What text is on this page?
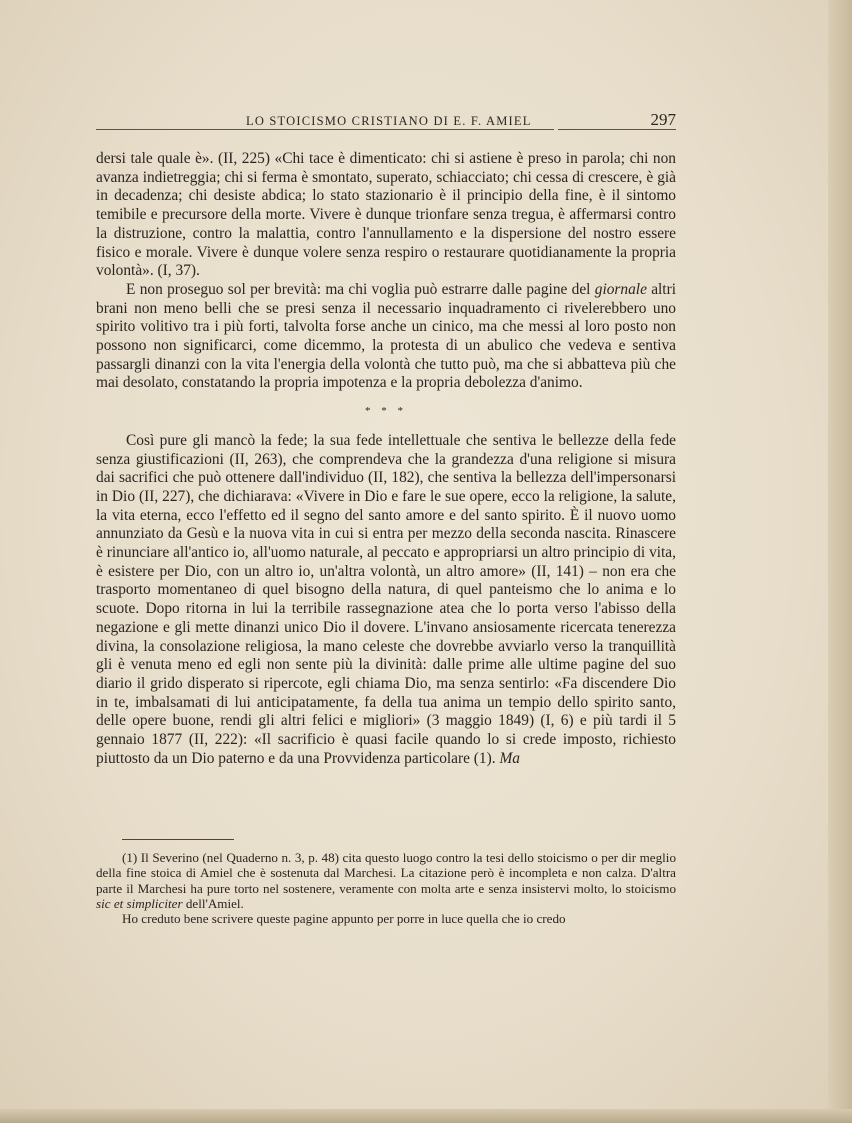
LO STOICISMO CRISTIANO DI E. F. AMIEL	297

dersi tale quale è». (II, 225) «Chi tace è dimenticato: chi si astiene è preso in parola; chi non avanza indietreggia; chi si ferma è smontato, superato, schiacciato; chi cessa di crescere, è già in decadenza; chi desiste abdica; lo stato stazionario è il principio della fine, è il sintomo temibile e precursore della morte. Vivere è dunque trionfare senza tregua, è affermarsi contro la distruzione, contro la malattia, contro l'annullamento e la dispersione del nostro essere fisico e morale. Vivere è dunque volere senza respiro o restaurare quotidianamente la propria volontà». (I, 37).

E non proseguo sol per brevità: ma chi voglia può estrarre dalle pagine del giornale altri brani non meno belli che se presi senza il necessario inquadramento ci rivelerebbero uno spirito volitivo tra i più forti, talvolta forse anche un cinico, ma che messi al loro posto non possono non significarci, come dicemmo, la protesta di un abulico che vedeva e sentiva passargli dinanzi con la vita l'energia della volontà che tutto può, ma che si abbatteva più che mai desolato, constatando la propria impotenza e la propria debolezza d'animo.

* * *

Così pure gli mancò la fede; la sua fede intellettuale che sentiva le bellezze della fede senza giustificazioni (II, 263), che comprendeva che la grandezza d'una religione si misura dai sacrifici che può ottenere dall'individuo (II, 182), che sentiva la bellezza dell'impersonarsi in Dio (II, 227), che dichiarava: «Vivere in Dio e fare le sue opere, ecco la religione, la salute, la vita eterna, ecco l'effetto ed il segno del santo amore e del santo spirito. È il nuovo uomo annunziato da Gesù e la nuova vita in cui si entra per mezzo della seconda nascita. Rinascere è rinunciare all'antico io, all'uomo naturale, al peccato e appropriarsi un altro principio di vita, è esistere per Dio, con un altro io, un'altra volontà, un altro amore» (II, 141) – non era che trasporto momentaneo di quel bisogno della natura, di quel panteismo che lo anima e lo scuote. Dopo ritorna in lui la terribile rassegnazione atea che lo porta verso l'abisso della negazione e gli mette dinanzi unico Dio il dovere. L'invano ansiosamente ricercata tenerezza divina, la consolazione religiosa, la mano celeste che dovrebbe avviarlo verso la tranquillità gli è venuta meno ed egli non sente più la divinità: dalle prime alle ultime pagine del suo diario il grido disperato si ripercote, egli chiama Dio, ma senza sentirlo: «Fa discendere Dio in te, imbalsamati di lui anticipatamente, fa della tua anima un tempio dello spirito santo, delle opere buone, rendi gli altri felici e migliori» (3 maggio 1849) (I, 6) e più tardi il 5 gennaio 1877 (II, 222): «Il sacrificio è quasi facile quando lo si crede imposto, richiesto piuttosto da un Dio paterno e da una Provvidenza particolare (1). Ma

(1) Il Severino (nel Quaderno n. 3, p. 48) cita questo luogo contro la tesi dello stoicismo o per dir meglio della fine stoica di Amiel che è sostenuta dal Marchesi. La citazione però è incompleta e non calza. D'altra parte il Marchesi ha pure torto nel sostenere, veramente con molta arte e senza insistervi molto, lo stoicismo sic et simpliciter dell'Amiel.

Ho creduto bene scrivere queste pagine appunto per porre in luce quella che io credo
